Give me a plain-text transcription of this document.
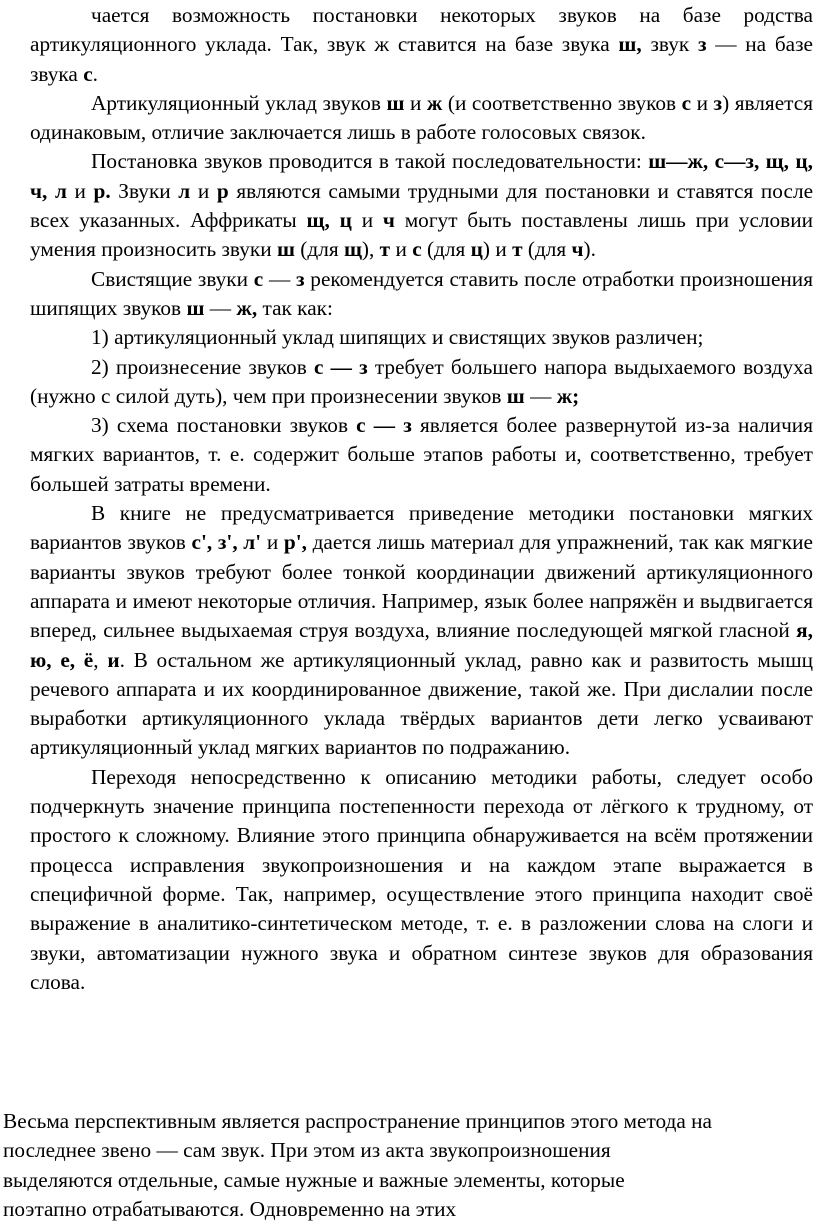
чается возможность постановки некоторых звуков на базе родства артикуляционного уклада. Так, звук ж ставится на базе звука ш, звук з — на базе звука с.

Артикуляционный уклад звуков ш и ж (и соответственно звуков с и з) является одинаковым, отличие заключается лишь в работе голосовых связок.

Постановка звуков проводится в такой последовательности: ш—ж, с—з, щ, ц, ч, л и р. Звуки л и р являются самыми трудными для постановки и ставятся после всех указанных. Аффрикаты щ, ц и ч могут быть поставлены лишь при условии умения произносить звуки ш (для щ), т и с (для ц) и т (для ч).

Свистящие звуки с — з рекомендуется ставить после отработки произношения шипящих звуков ш — ж, так как:

1) артикуляционный уклад шипящих и свистящих звуков различен;

2) произнесение звуков с — з требует большего напора выдыхаемого воздуха (нужно с силой дуть), чем при произнесении звуков ш — ж;

3) схема постановки звуков с — з является более развернутой из-за наличия мягких вариантов, т. е. содержит больше этапов работы и, соответственно, требует большей затраты времени.

В книге не предусматривается приведение методики постановки мягких вариантов звуков с', з', л' и р', дается лишь материал для упражнений, так как мягкие варианты звуков требуют более тонкой координации движений артикуляционного аппарата и имеют некоторые отличия. Например, язык более напряжён и выдвигается вперед, сильнее выдыхаемая струя воздуха, влияние последующей мягкой гласной я, ю, е, ё, и. В остальном же артикуляционный уклад, равно как и развитость мышц речевого аппарата и их координированное движение, такой же. При дислалии после выработки артикуляционного уклада твёрдых вариантов дети легко усваивают артикуляционный уклад мягких вариантов по подражанию.

Переходя непосредственно к описанию методики работы, следует особо подчеркнуть значение принципа постепенности перехода от лёгкого к трудному, от простого к сложному. Влияние этого принципа обнаруживается на всём протяжении процесса исправления звукопроизношения и на каждом этапе выражается в специфичной форме. Так, например, осуществление этого принципа находит своё выражение в аналитико-синтетическом методе, т. е. в разложении слова на слоги и звуки, автоматизации нужного звука и обратном синтезе звуков для образования слова.

Весьма перспективным является распространение принципов этого метода на

последнее звено — сам звук. При этом из акта звукопроизношения

выделяются отдельные, самые нужные и важные элементы, которые

поэтапно отрабатываются. Одновременно на этих
